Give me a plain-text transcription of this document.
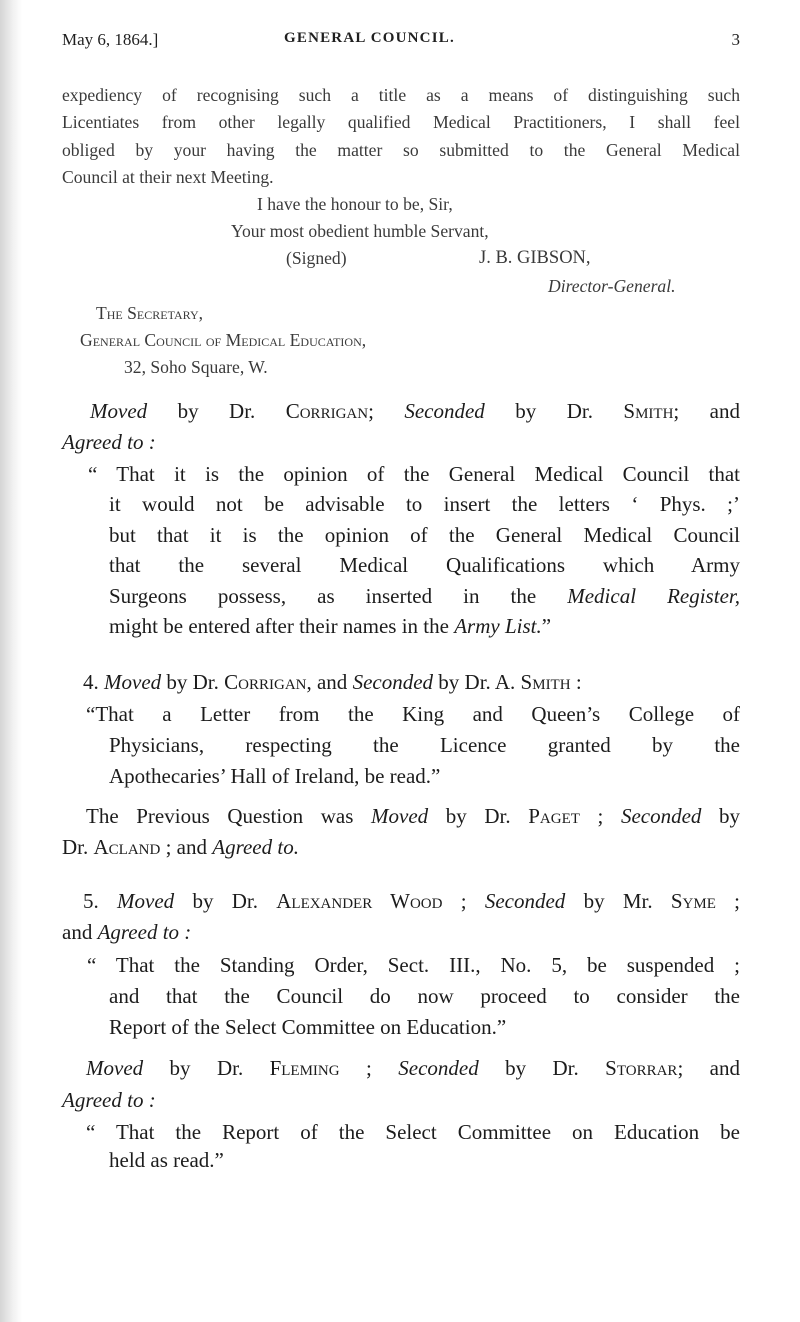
May 6, 1864.]	GENERAL COUNCIL.	3
expediency of recognising such a title as a means of distinguishing such
Licentiates from other legally qualified Medical Practitioners, I shall feel
obliged by your having the matter so submitted to the General Medical
Council at their next Meeting.
I have the honour to be, Sir,
Your most obedient humble Servant,
(Signed)	J. B. GIBSON,
Director-General.
The Secretary,
General Council of Medical Education,
32, Soho Square, W.
Moved by Dr. Corrigan; Seconded by Dr. Smith; and
Agreed to :
“ That it is the opinion of the General Medical Council that
it would not be advisable to insert the letters ‘ Phys. ;’
but that it is the opinion of the General Medical Council
that the several Medical Qualifications which Army
Surgeons possess, as inserted in the Medical Register,
might be entered after their names in the Army List.”
4. Moved by Dr. Corrigan, and Seconded by Dr. A. Smith :
“That a Letter from the King and Queen’s College of
Physicians, respecting the Licence granted by the
Apothecaries’ Hall of Ireland, be read.”
The Previous Question was Moved by Dr. Paget ; Seconded by
Dr. Acland ; and Agreed to.
5. Moved by Dr. Alexander Wood ; Seconded by Mr. Syme ;
and Agreed to :
“ That the Standing Order, Sect. III., No. 5, be suspended ;
and that the Council do now proceed to consider the
Report of the Select Committee on Education.”
Moved by Dr. Fleming ; Seconded by Dr. Storrar; and
Agreed to :
“ That the Report of the Select Committee on Education be
held as read.”
